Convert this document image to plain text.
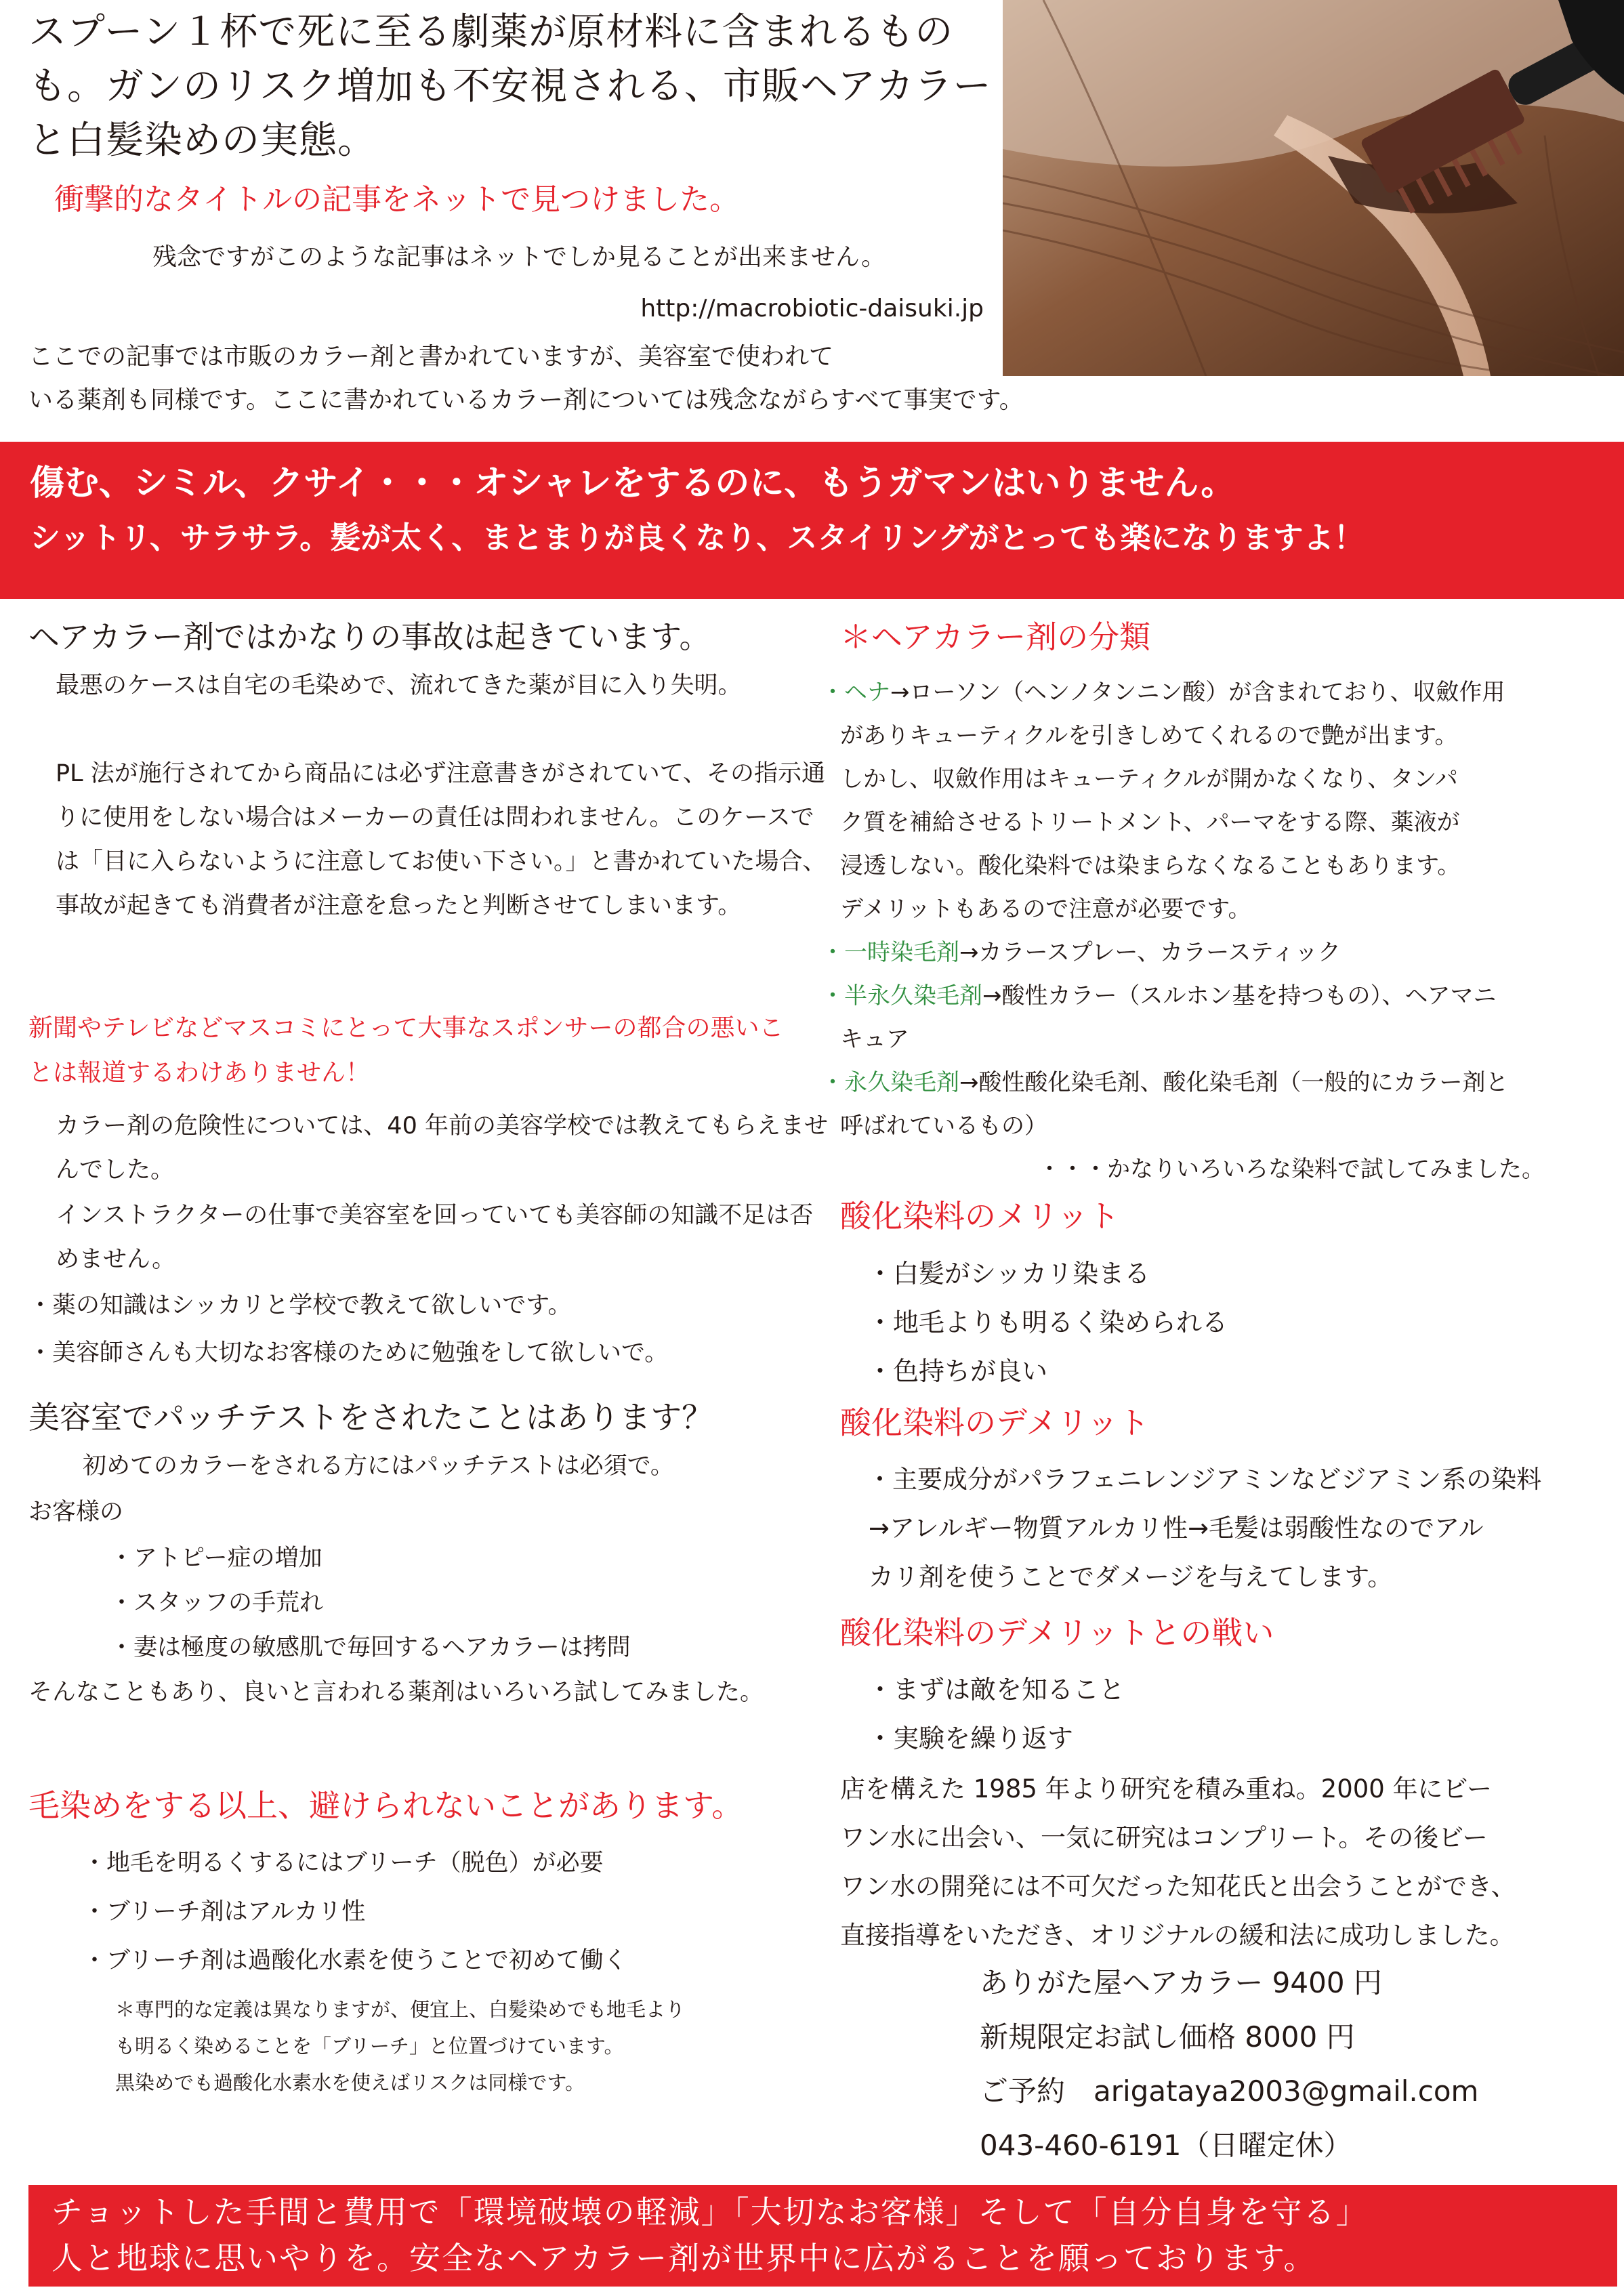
スプーン１杯で死に至る劇薬が原材料に含まれるものも。ガンのリスク増加も不安視される、市販ヘアカラーと白髪染めの実態。
衝撃的なタイトルの記事をネットで見つけました。
残念ですがこのような記事はネットでしか見ることが出来ません。
http://macrobiotic-daisuki.jp
ここでの記事では市販のカラー剤と書かれていますが、美容室で使われて
いる薬剤も同様です。ここに書かれているカラー剤については残念ながらすべて事実です。
傷む、シミル、クサイ・・・オシャレをするのに、もうガマンはいりません。
シットリ、サラサラ。髪が太く、まとまりが良くなり、スタイリングがとっても楽になりますよ！
ヘアカラー剤ではかなりの事故は起きています。
最悪のケースは自宅の毛染めで、流れてきた薬が目に入り失明。
PL 法が施行されてから商品には必ず注意書きがされていて、その指示通りに使用をしない場合はメーカーの責任は問われません。このケースでは「目に入らないように注意してお使い下さい。」と書かれていた場合、事故が起きても消費者が注意を怠ったと判断させてしまいます。
新聞やテレビなどマスコミにとって大事なスポンサーの都合の悪いことは報道するわけありません！
カラー剤の危険性については、40 年前の美容学校では教えてもらえませんでした。
インストラクターの仕事で美容室を回っていても美容師の知識不足は否めません。
・薬の知識はシッカリと学校で教えて欲しいです。
・美容師さんも大切なお客様のために勉強をして欲しいで。
美容室でパッチテストをされたことはあります？
初めてのカラーをされる方にはパッチテストは必須で。
お客様の
・アトピー症の増加
・スタッフの手荒れ
・妻は極度の敏感肌で毎回するヘアカラーは拷問
そんなこともあり、良いと言われる薬剤はいろいろ試してみました。
毛染めをする以上、避けられないことがあります。
・地毛を明るくするにはブリーチ（脱色）が必要
・ブリーチ剤はアルカリ性
・ブリーチ剤は過酸化水素を使うことで初めて働く
＊専門的な定義は異なりますが、便宜上、白髪染めでも地毛より
も明るく染めることを「ブリーチ」と位置づけています。
黒染めでも過酸化水素水を使えばリスクは同様です。
＊ヘアカラー剤の分類
・ヘナ→ローソン（ヘンノタンニン酸）が含まれており、収斂作用
がありキューティクルを引きしめてくれるので艶が出ます。
しかし、収斂作用はキューティクルが開かなくなり、タンパ
ク質を補給させるトリートメント、パーマをする際、薬液が
浸透しない。酸化染料では染まらなくなることもあります。
デメリットもあるので注意が必要です。
・一時染毛剤→カラースプレー、カラースティック
・半永久染毛剤→酸性カラー（スルホン基を持つもの）、ヘアマニ
キュア
・永久染毛剤→酸性酸化染毛剤、酸化染毛剤（一般的にカラー剤と
呼ばれているもの）
・・・かなりいろいろな染料で試してみました。
酸化染料のメリット
・白髪がシッカリ染まる
・地毛よりも明るく染められる
・色持ちが良い
酸化染料のデメリット
・主要成分がパラフェニレンジアミンなどジアミン系の染料
→アレルギー物質アルカリ性→毛髪は弱酸性なのでアル
カリ剤を使うことでダメージを与えてします。
酸化染料のデメリットとの戦い
・まずは敵を知ること
・実験を繰り返す
店を構えた 1985 年より研究を積み重ね。2000 年にビー
ワン水に出会い、一気に研究はコンプリート。その後ビー
ワン水の開発には不可欠だった知花氏と出会うことができ、
直接指導をいただき、オリジナルの緩和法に成功しました。
ありがた屋ヘアカラー 9400 円
新規限定お試し価格 8000 円
ご予約　arigataya2003@gmail.com
043-460-6191（日曜定休）
チョットした手間と費用で「環境破壊の軽減」「大切なお客様」そして「自分自身を守る」
人と地球に思いやりを。安全なヘアカラー剤が世界中に広がることを願っております。
